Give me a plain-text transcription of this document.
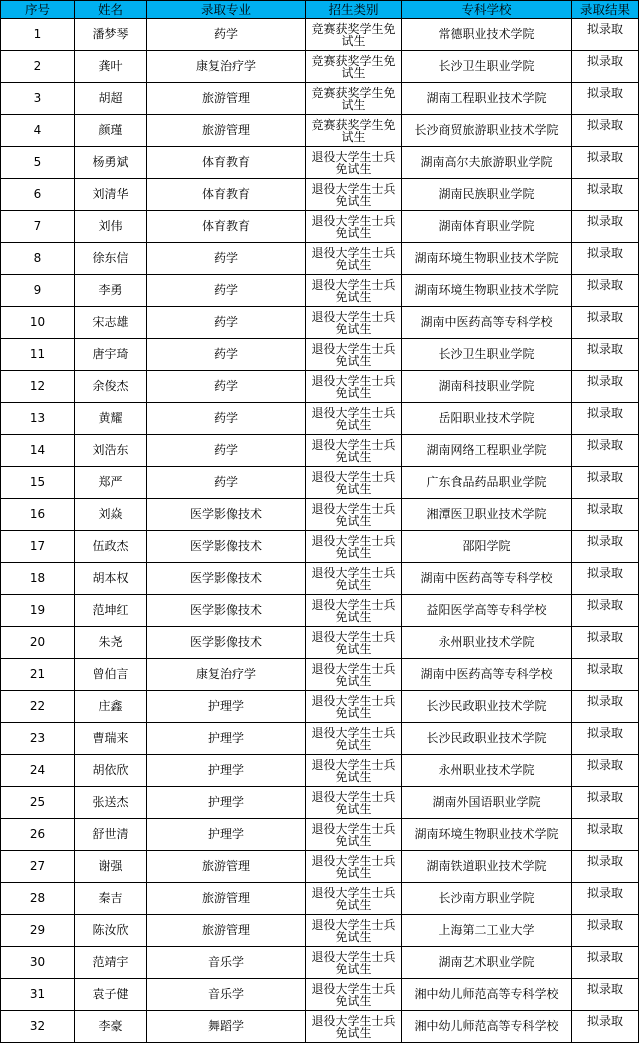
序号	姓名	录取专业	招生类别	专科学校	录取结果
1	潘梦琴	药学	竞赛获奖学生免试生	常德职业技术学院	拟录取
2	龚叶	康复治疗学	竞赛获奖学生免试生	长沙卫生职业学院	拟录取
3	胡超	旅游管理	竞赛获奖学生免试生	湖南工程职业技术学院	拟录取
4	颜瑾	旅游管理	竞赛获奖学生免试生	长沙商贸旅游职业技术学院	拟录取
5	杨勇斌	体育教育	退役大学生士兵免试生	湖南高尔夫旅游职业学院	拟录取
6	刘清华	体育教育	退役大学生士兵免试生	湖南民族职业学院	拟录取
7	刘伟	体育教育	退役大学生士兵免试生	湖南体育职业学院	拟录取
8	徐东信	药学	退役大学生士兵免试生	湖南环境生物职业技术学院	拟录取
9	李勇	药学	退役大学生士兵免试生	湖南环境生物职业技术学院	拟录取
10	宋志雄	药学	退役大学生士兵免试生	湖南中医药高等专科学校	拟录取
11	唐宇琦	药学	退役大学生士兵免试生	长沙卫生职业学院	拟录取
12	余俊杰	药学	退役大学生士兵免试生	湖南科技职业学院	拟录取
13	黄耀	药学	退役大学生士兵免试生	岳阳职业技术学院	拟录取
14	刘浩东	药学	退役大学生士兵免试生	湖南网络工程职业学院	拟录取
15	郑严	药学	退役大学生士兵免试生	广东食品药品职业学院	拟录取
16	刘焱	医学影像技术	退役大学生士兵免试生	湘潭医卫职业技术学院	拟录取
17	伍政杰	医学影像技术	退役大学生士兵免试生	邵阳学院	拟录取
18	胡本权	医学影像技术	退役大学生士兵免试生	湖南中医药高等专科学校	拟录取
19	范坤红	医学影像技术	退役大学生士兵免试生	益阳医学高等专科学校	拟录取
20	朱尧	医学影像技术	退役大学生士兵免试生	永州职业技术学院	拟录取
21	曾伯言	康复治疗学	退役大学生士兵免试生	湖南中医药高等专科学校	拟录取
22	庄鑫	护理学	退役大学生士兵免试生	长沙民政职业技术学院	拟录取
23	曹瑞来	护理学	退役大学生士兵免试生	长沙民政职业技术学院	拟录取
24	胡依欣	护理学	退役大学生士兵免试生	永州职业技术学院	拟录取
25	张送杰	护理学	退役大学生士兵免试生	湖南外国语职业学院	拟录取
26	舒世清	护理学	退役大学生士兵免试生	湖南环境生物职业技术学院	拟录取
27	谢强	旅游管理	退役大学生士兵免试生	湖南铁道职业技术学院	拟录取
28	秦吉	旅游管理	退役大学生士兵免试生	长沙南方职业学院	拟录取
29	陈汝欣	旅游管理	退役大学生士兵免试生	上海第二工业大学	拟录取
30	范靖宇	音乐学	退役大学生士兵免试生	湖南艺术职业学院	拟录取
31	袁子健	音乐学	退役大学生士兵免试生	湘中幼儿师范高等专科学校	拟录取
32	李豪	舞蹈学	退役大学生士兵免试生	湘中幼儿师范高等专科学校	拟录取
